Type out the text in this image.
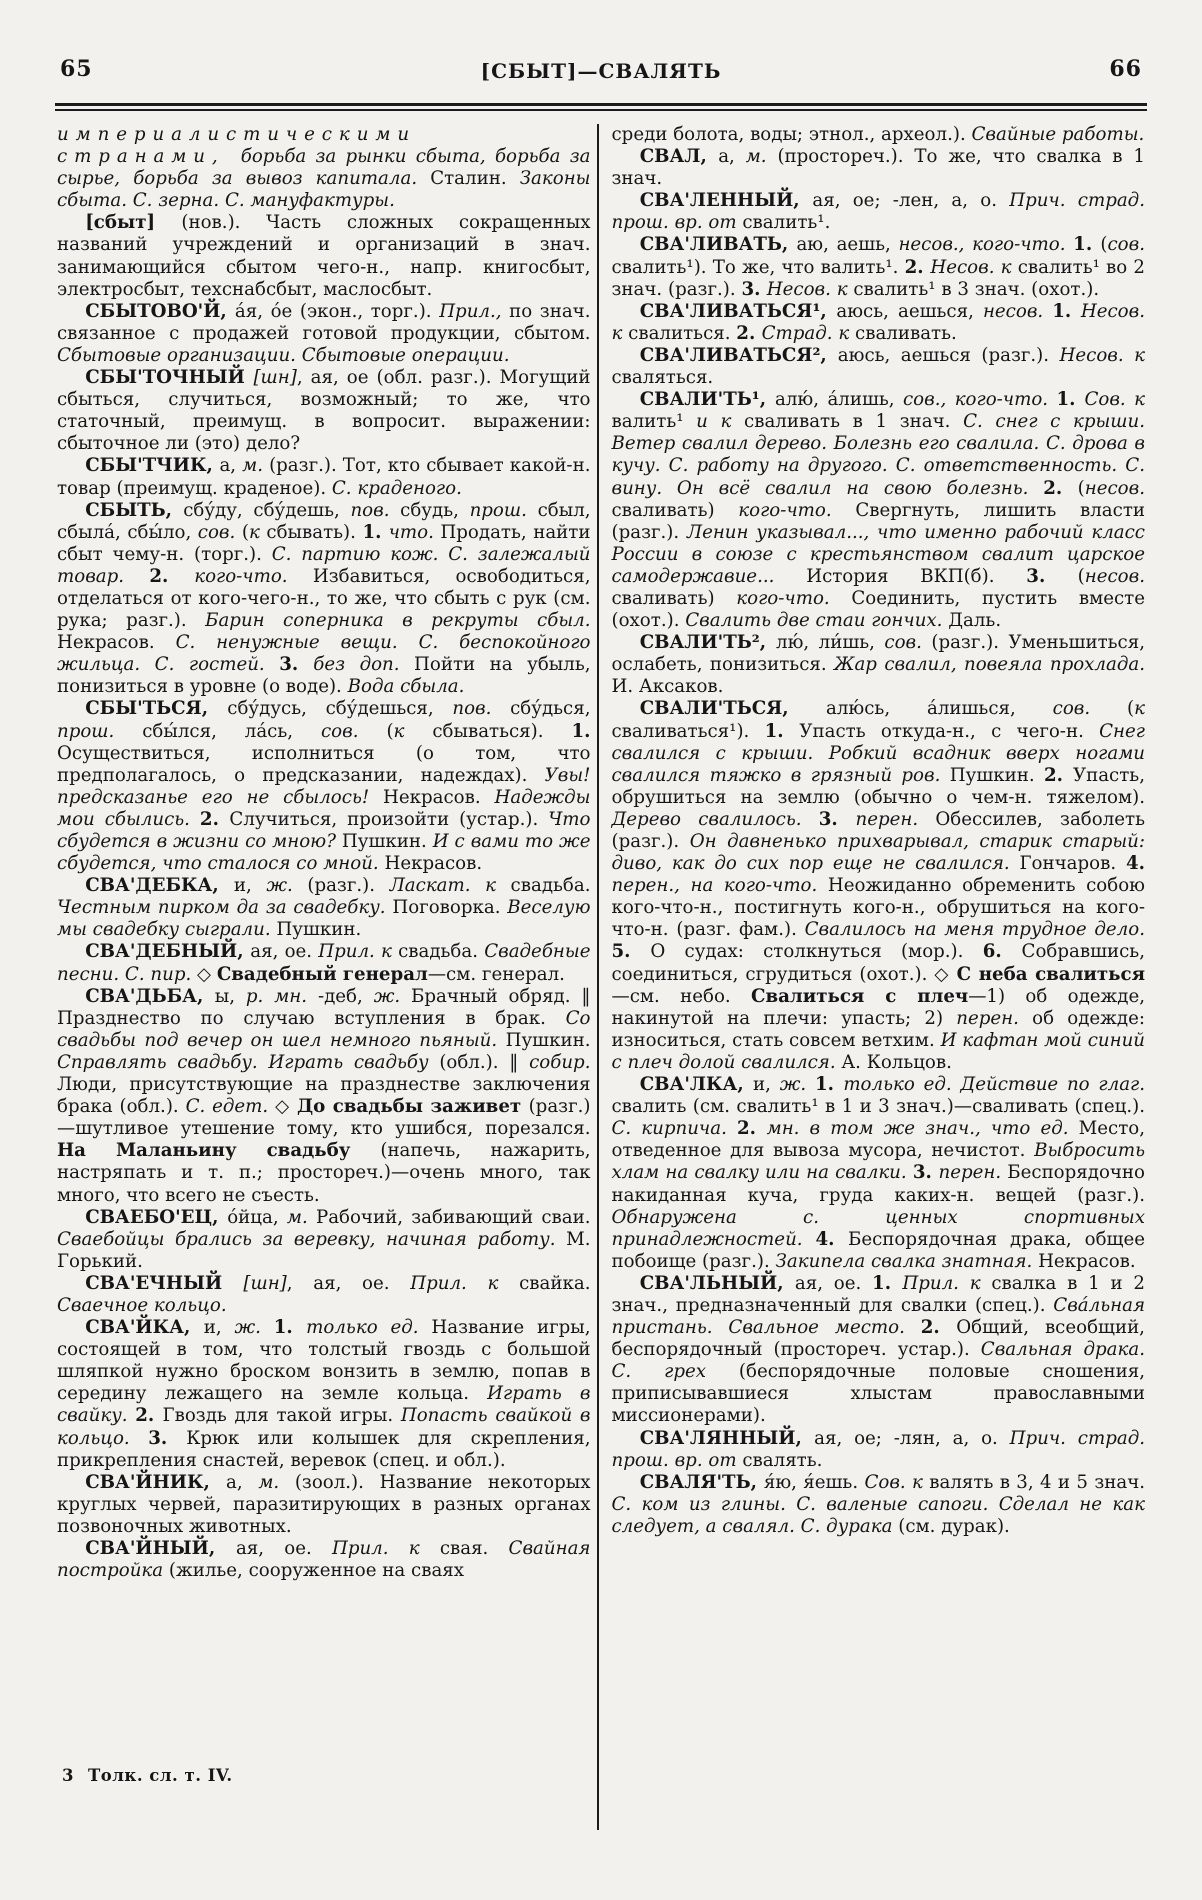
65	[СБЫТ]—СВАЛЯТЬ	66

империалистическими странами, борьба за рынки сбыта, борьба за сырье, борьба за вывоз капитала. Сталин. Законы сбыта. С. зерна. С. мануфактуры.

[сбыт] (нов.). Часть сложных сокращенных названий учреждений и организаций в знач. занимающийся сбытом чего-н., напр. книгосбыт, электросбыт, техснабсбыт, маслосбыт.

СБЫТОВО'Й, а́я, о́е (экон., торг.). Прил., по знач. связанное с продажей готовой продукции, сбытом. Сбытовые организации. Сбытовые операции.

СБЫ'ТОЧНЫЙ [шн], ая, ое (обл. разг.). Могущий сбыться, случиться, возможный; то же, что статочный, преимущ. в вопросит. выражении: сбыточное ли (это) дело?

СБЫ'ТЧИК, а, м. (разг.). Тот, кто сбывает какой-н. товар (преимущ. краденое). С. краденого.

СБЫТЬ, сбу́ду, сбу́дешь, пов. сбудь, прош. сбыл, сбыла́, сбы́ло, сов. (к сбывать). 1. что. Продать, найти сбыт чему-н. (торг.). С. партию кож. С. залежалый товар. 2. кого-что. Избавиться, освободиться, отделаться от кого-чего-н., то же, что сбыть с рук (см. рука; разг.). Барин соперника в рекруты сбыл. Некрасов. С. ненужные вещи. С. беспокойного жильца. С. гостей. 3. без доп. Пойти на убыль, понизиться в уровне (о воде). Вода сбыла.

СБЫ'ТЬСЯ, сбу́дусь, сбу́дешься, пов. сбу́дься, прош. сбы́лся, ла́сь, сов. (к сбываться). 1. Осуществиться, исполниться (о том, что предполагалось, о предсказании, надеждах). Увы! предсказанье его не сбылось! Некрасов. Надежды мои сбылись. 2. Случиться, произойти (устар.). Что сбудется в жизни со мною? Пушкин. И с вами то же сбудется, что сталося со мной. Некрасов.

СВА'ДЕБКА, и, ж. (разг.). Ласкат. к свадьба. Честным пирком да за свадебку. Поговорка. Веселую мы свадебку сыграли. Пушкин.

СВА'ДЕБНЫЙ, ая, ое. Прил. к свадьба. Свадебные песни. С. пир. ◇ Свадебный генерал—см. генерал.

СВА'ДЬБА, ы, р. мн. -деб, ж. Брачный обряд. ‖ Празднество по случаю вступления в брак. Со свадьбы под вечер он шел немного пьяный. Пушкин. Справлять свадьбу. Играть свадьбу (обл.). ‖ собир. Люди, присутствующие на празднестве заключения брака (обл.). С. едет. ◇ До свадьбы заживет (разг.)—шутливое утешение тому, кто ушибся, порезался. На Маланьину свадьбу (напечь, нажарить, настряпать и т. п.; простореч.)—очень много, так много, что всего не съесть.

СВАЕБО'ЕЦ, о́йца, м. Рабочий, забивающий сваи. Сваебойцы брались за веревку, начиная работу. М. Горький.

СВА'ЕЧНЫЙ [шн], ая, ое. Прил. к свайка. Сваечное кольцо.

СВА'ЙКА, и, ж. 1. только ед. Название игры, состоящей в том, что толстый гвоздь с большой шляпкой нужно броском вонзить в землю, попав в середину лежащего на земле кольца. Играть в свайку. 2. Гвоздь для такой игры. Попасть свайкой в кольцо. 3. Крюк или колышек для скрепления, прикрепления снастей, веревок (спец. и обл.).

СВА'ЙНИК, а, м. (зоол.). Название некоторых круглых червей, паразитирующих в разных органах позвоночных животных.

СВА'ЙНЫЙ, ая, ое. Прил. к свая. Свайная постройка (жилье, сооруженное на сваях

среди болота, воды; этнол., археол.). Свайные работы.

СВАЛ, а, м. (простореч.). То же, что свалка в 1 знач.

СВА'ЛЕННЫЙ, ая, ое; -лен, а, о. Прич. страд. прош. вр. от свалить¹.

СВА'ЛИВАТЬ, аю, аешь, несов., кого-что. 1. (сов. свалить¹). То же, что валить¹. 2. Несов. к свалить¹ во 2 знач. (разг.). 3. Несов. к свалить¹ в 3 знач. (охот.).

СВА'ЛИВАТЬСЯ¹, аюсь, аешься, несов. 1. Несов. к свалиться. 2. Страд. к сваливать.

СВА'ЛИВАТЬСЯ², аюсь, аешься (разг.). Несов. к сваляться.

СВАЛИ'ТЬ¹, алю́, а́лишь, сов., кого-что. 1. Сов. к валить¹ и к сваливать в 1 знач. С. снег с крыши. Ветер свалил дерево. Болезнь его свалила. С. дрова в кучу. С. работу на другого. С. ответственность. С. вину. Он всё свалил на свою болезнь. 2. (несов. сваливать) кого-что. Свергнуть, лишить власти (разг.). Ленин указывал..., что именно рабочий класс России в союзе с крестьянством свалит царское самодержавие... История ВКП(б). 3. (несов. сваливать) кого-что. Соединить, пустить вместе (охот.). Свалить две стаи гончих. Даль.

СВАЛИ'ТЬ², лю́, ли́шь, сов. (разг.). Уменьшиться, ослабеть, понизиться. Жар свалил, повеяла прохлада. И. Аксаков.

СВАЛИ'ТЬСЯ, алю́сь, а́лишься, сов. (к сваливаться¹). 1. Упасть откуда-н., с чего-н. Снег свалился с крыши. Робкий всадник вверх ногами свалился тяжко в грязный ров. Пушкин. 2. Упасть, обрушиться на землю (обычно о чем-н. тяжелом). Дерево свалилось. 3. перен. Обессилев, заболеть (разг.). Он давненько прихварывал, старик старый: диво, как до сих пор еще не свалился. Гончаров. 4. перен., на кого-что. Неожиданно обременить собою кого-что-н., постигнуть кого-н., обрушиться на кого-что-н. (разг. фам.). Свалилось на меня трудное дело. 5. О судах: столкнуться (мор.). 6. Собравшись, соединиться, сгрудиться (охот.). ◇ С неба свалиться—см. небо. Свалиться с плеч—1) об одежде, накинутой на плечи: упасть; 2) перен. об одежде: износиться, стать совсем ветхим. И кафтан мой синий с плеч долой свалился. А. Кольцов.

СВА'ЛКА, и, ж. 1. только ед. Действие по глаг. свалить (см. свалить¹ в 1 и 3 знач.)—сваливать (спец.). С. кирпича. 2. мн. в том же знач., что ед. Место, отведенное для вывоза мусора, нечистот. Выбросить хлам на свалку или на свалки. 3. перен. Беспорядочно накиданная куча, груда каких-н. вещей (разг.). Обнаружена с. ценных спортивных принадлежностей. 4. Беспорядочная драка, общее побоище (разг.). Закипела свалка знатная. Некрасов.

СВА'ЛЬНЫЙ, ая, ое. 1. Прил. к свалка в 1 и 2 знач., предназначенный для свалки (спец.). Сва́льная пристань. Свальное место. 2. Общий, всеобщий, беспорядочный (простореч. устар.). Свальная драка. С. грех (беспорядочные половые сношения, приписывавшиеся хлыстам православными миссионерами).

СВА'ЛЯННЫЙ, ая, ое; -лян, а, о. Прич. страд. прош. вр. от свалять.

СВАЛЯ'ТЬ, я́ю, я́ешь. Сов. к валять в 3, 4 и 5 знач. С. ком из глины. С. валеные сапоги. Сделал не как следует, а свалял. С. дурака (см. дурак).

3 Толк. сл. т. IV.
